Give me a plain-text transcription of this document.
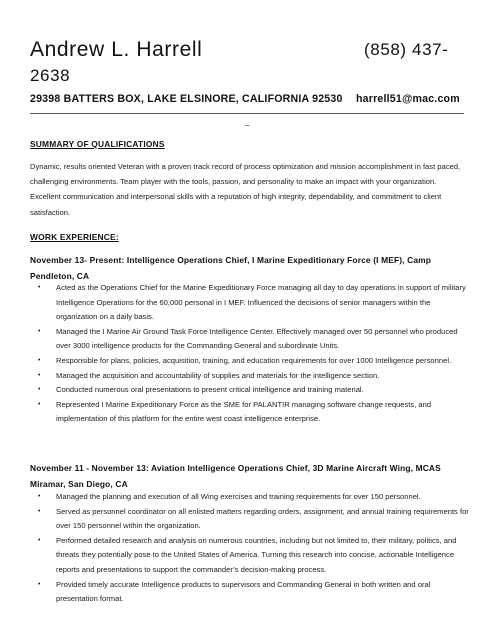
Andrew L. Harrell	(858) 437-
2638
29398 BATTERS BOX, LAKE ELSINORE, CALIFORNIA 92530 harrell51@mac.com
_
SUMMARY OF QUALIFICATIONS
Dynamic, results oriented Veteran with a proven track record of process optimization and mission accomplishment in fast paced, challenging environments. Team player with the tools, passion, and personality to make an impact with your organization. Excellent communication and interpersonal skills with a reputation of high integrity, dependability, and commitment to client satisfaction.
WORK EXPERIENCE:
November 13- Present: Intelligence Operations Chief, I Marine Expeditionary Force (I MEF), Camp Pendleton, CA
• Acted as the Operations Chief for the Marine Expeditionary Force managing all day to day operations in support of military Intelligence Operations for the 60,000 personal in I MEF. Influenced the decisions of senior managers within the organization on a daily basis.
• Managed the I Marine Air Ground Task Force Intelligence Center. Effectively managed over 50 personnel who produced over 3000 intelligence products for the Commanding General and subordinate Units.
• Responsible for plans, policies, acquisition, training, and education requirements for over 1000 Intelligence personnel.
• Managed the acquisition and accountability of supplies and materials for the intelligence section.
• Conducted numerous oral presentations to present critical intelligence and training material.
• Represented I Marine Expeditionary Force as the SME for PALANTIR managing software change requests, and implementation of this platform for the entire west coast intelligence enterprise.
November 11 - November 13: Aviation Intelligence Operations Chief, 3D Marine Aircraft Wing, MCAS Miramar, San Diego, CA
• Managed the planning and execution of all Wing exercises and training requirements for over 150 personnel.
• Served as personnel coordinator on all enlisted matters regarding orders, assignment, and annual training requirements for over 150 personnel within the organization.
• Performed detailed research and analysis on numerous countries, including but not limited to, their military, politics, and threats they potentially pose to the United States of America. Turning this research into concise, actionable Intelligence reports and presentations to support the commander’s decision-making process.
• Provided timely accurate Intelligence products to supervisors and Commanding General in both written and oral presentation format.
